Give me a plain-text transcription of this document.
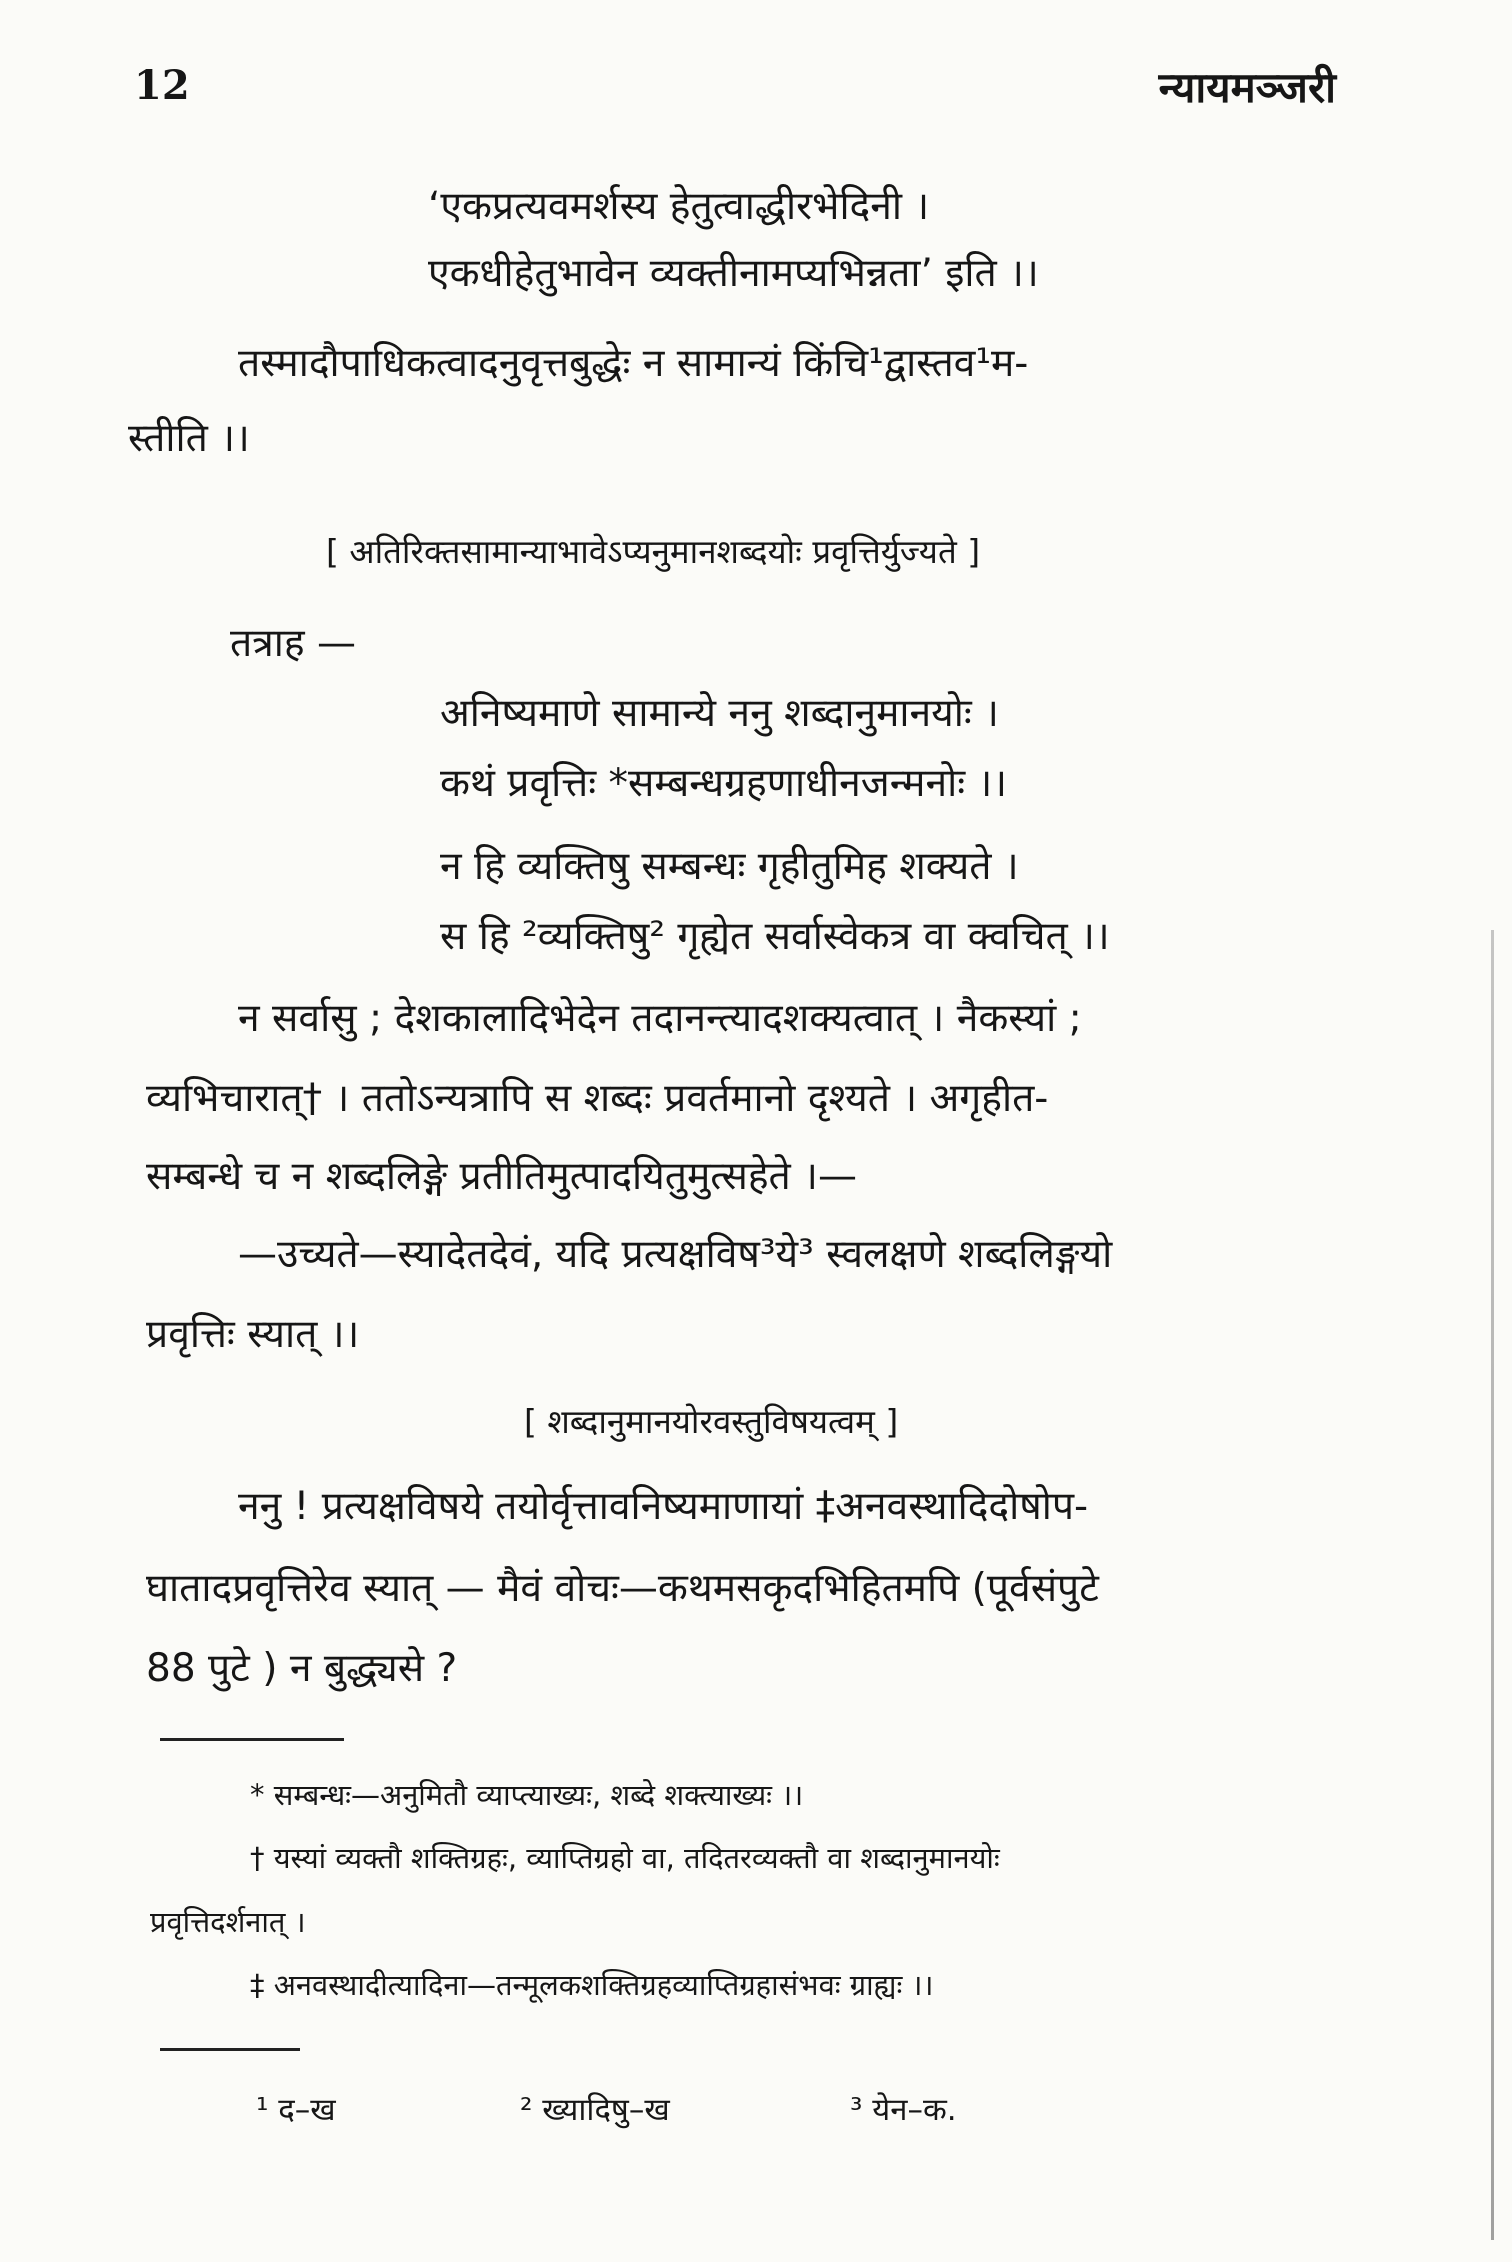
12	न्यायमञ्जरी
‘एकप्रत्यवमर्शस्य हेतुत्वाद्धीरभेदिनी ।
एकधीहेतुभावेन व्यक्तीनामप्यभिन्नता’ इति ।।
तस्मादौपाधिकत्वादनुवृत्तबुद्धेः न सामान्यं किंचि¹द्वास्तव¹म-
स्तीति ।।
[ अतिरिक्तसामान्याभावेऽप्यनुमानशब्दयोः प्रवृत्तिर्युज्यते ]
तत्राह —
अनिष्यमाणे सामान्ये ननु शब्दानुमानयोः ।
कथं प्रवृत्तिः *सम्बन्धग्रहणाधीनजन्मनोः ।।
न हि व्यक्तिषु सम्बन्धः गृहीतुमिह शक्यते ।
स हि ²व्यक्तिषु² गृह्येत सर्वास्वेकत्र वा क्वचित् ।।
न सर्वासु ; देशकालादिभेदेन तदानन्त्यादशक्यत्वात् । नैकस्यां ;
व्यभिचारात्† । ततोऽन्यत्रापि स शब्दः प्रवर्तमानो दृश्यते । अगृहीत-
सम्बन्धे च न शब्दलिङ्गे प्रतीतिमुत्पादयितुमुत्सहेते ।—
—उच्यते—स्यादेतदेवं, यदि प्रत्यक्षविष³ये³ स्वलक्षणे शब्दलिङ्गयो
प्रवृत्तिः स्यात् ।।
[ शब्दानुमानयोरवस्तुविषयत्वम् ]
ननु ! प्रत्यक्षविषये तयोर्वृत्तावनिष्यमाणायां ‡अनवस्थादिदोषोप-
घातादप्रवृत्तिरेव स्यात् — मैवं वोचः—कथमसकृदभिहितमपि (पूर्वसंपुटे
88 पुटे ) न बुद्ध्यसे ?
* सम्बन्धः—अनुमितौ व्याप्त्याख्यः, शब्दे शक्त्याख्यः ।।
† यस्यां व्यक्तौ शक्तिग्रहः, व्याप्तिग्रहो वा, तदितरव्यक्तौ वा शब्दानुमानयोः
प्रवृत्तिदर्शनात् ।
‡ अनवस्थादीत्यादिना—तन्मूलकशक्तिग्रहव्याप्तिग्रहासंभवः ग्राह्यः ।।
¹ द–ख	² ख्यादिषु–ख	³ येन–क.
